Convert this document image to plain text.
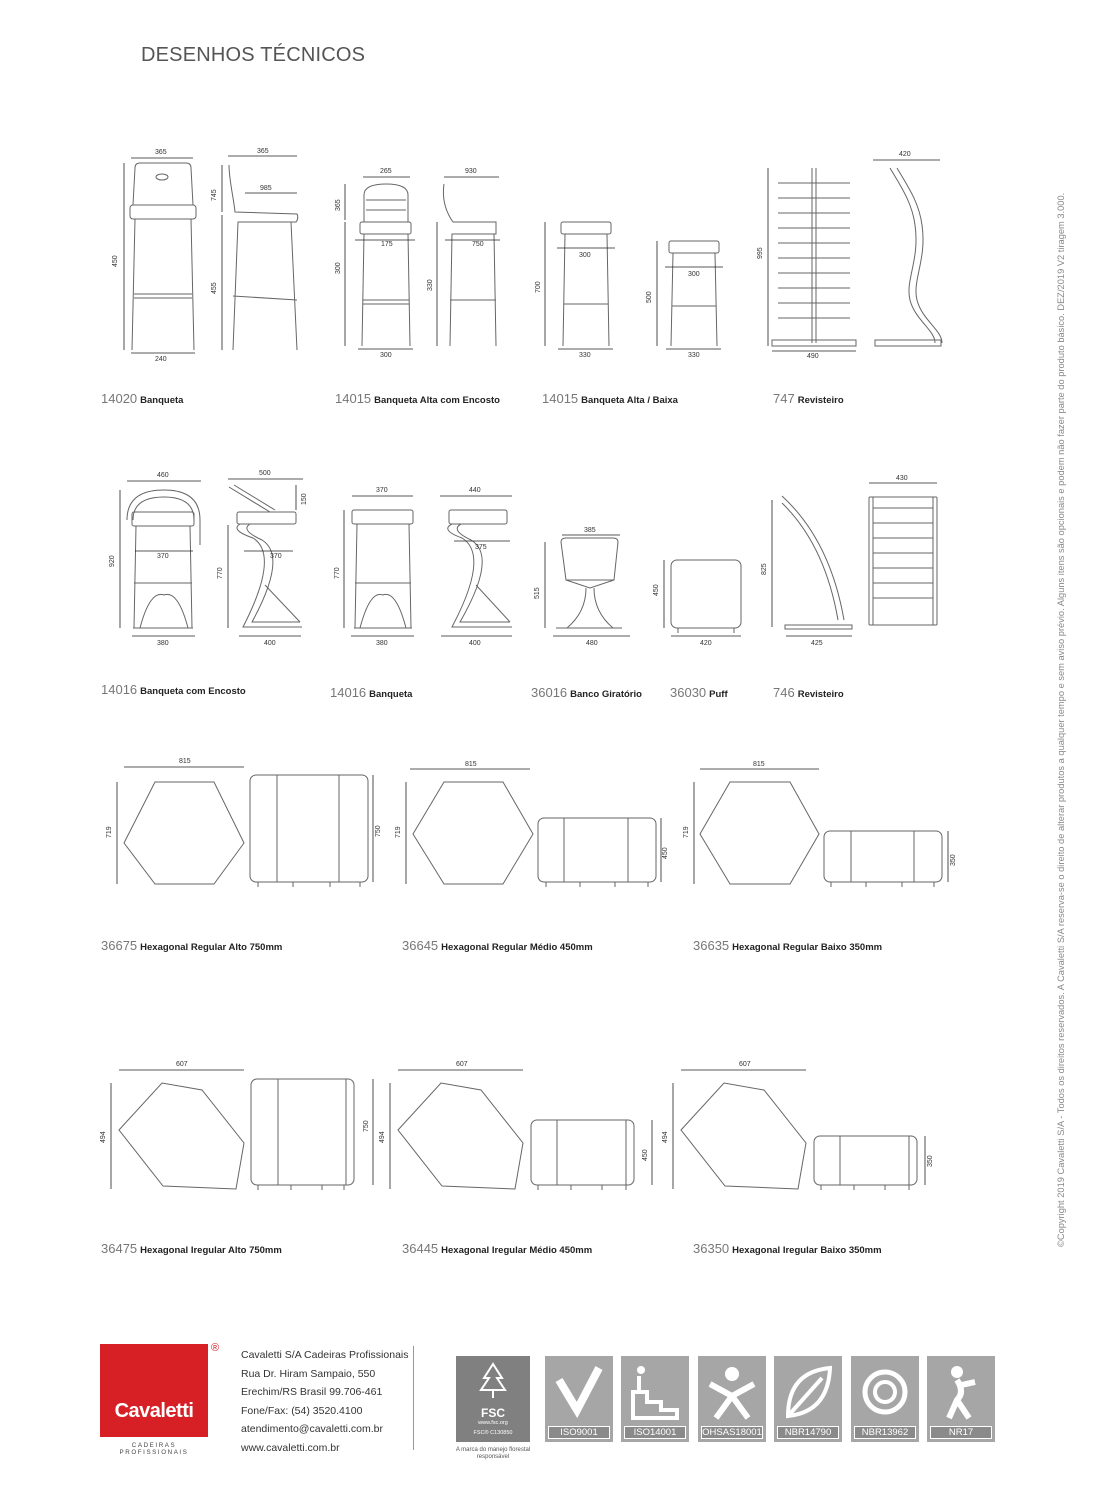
DESENHOS TÉCNICOS
365
450
240
365
985
745
455
265
365
175
300
300
930
750
330
300
700
330
300
500
330
995
490
420
460
370
920
380
500
150
370
770
400
370
770
380
440
375
400
385
515
480
450
420
825
425
430
815
719	750
815
719
450
815
719
350
607
494
750
607
494
450
607
494
350
14020 Banqueta	14015 Banqueta Alta com Encosto	14015 Banqueta Alta / Baixa	747 Revisteiro
14016 Banqueta com Encosto	14016 Banqueta	36016 Banco Giratório 36030 Puff	746 Revisteiro
36675 Hexagonal Regular Alto 750mm	36645 Hexagonal Regular Médio 450mm	36635 Hexagonal Regular Baixo 350mm
36475 Hexagonal Iregular Alto 750mm	36445 Hexagonal Iregular Médio 450mm	36350 Hexagonal Iregular Baixo 350mm
©Copyright 2019 Cavaletti S/A - Todos os direitos reservados. A Cavaletti S/A reserva-se o direito de alterar produtos a qualquer tempo e sem aviso prévio. Alguns itens são opcionais e podem não fazer parte do produto básico. DEZ/2019 V2 tiragem 3.000.
Cavaletti
®
CADEIRAS PROFISSIONAIS
Cavaletti S/A Cadeiras Profissionais
Rua Dr. Hiram Sampaio, 550
Erechim/RS Brasil 99.706-461
Fone/Fax: (54) 3520.4100
atendimento@cavaletti.com.br
www.cavaletti.com.br
FSC
www.fsc.org
FSC® C130850
A marca do manejo florestal responsável
ISO9001	ISO14001	OHSAS18001	NBR14790	NBR13962	NR17
